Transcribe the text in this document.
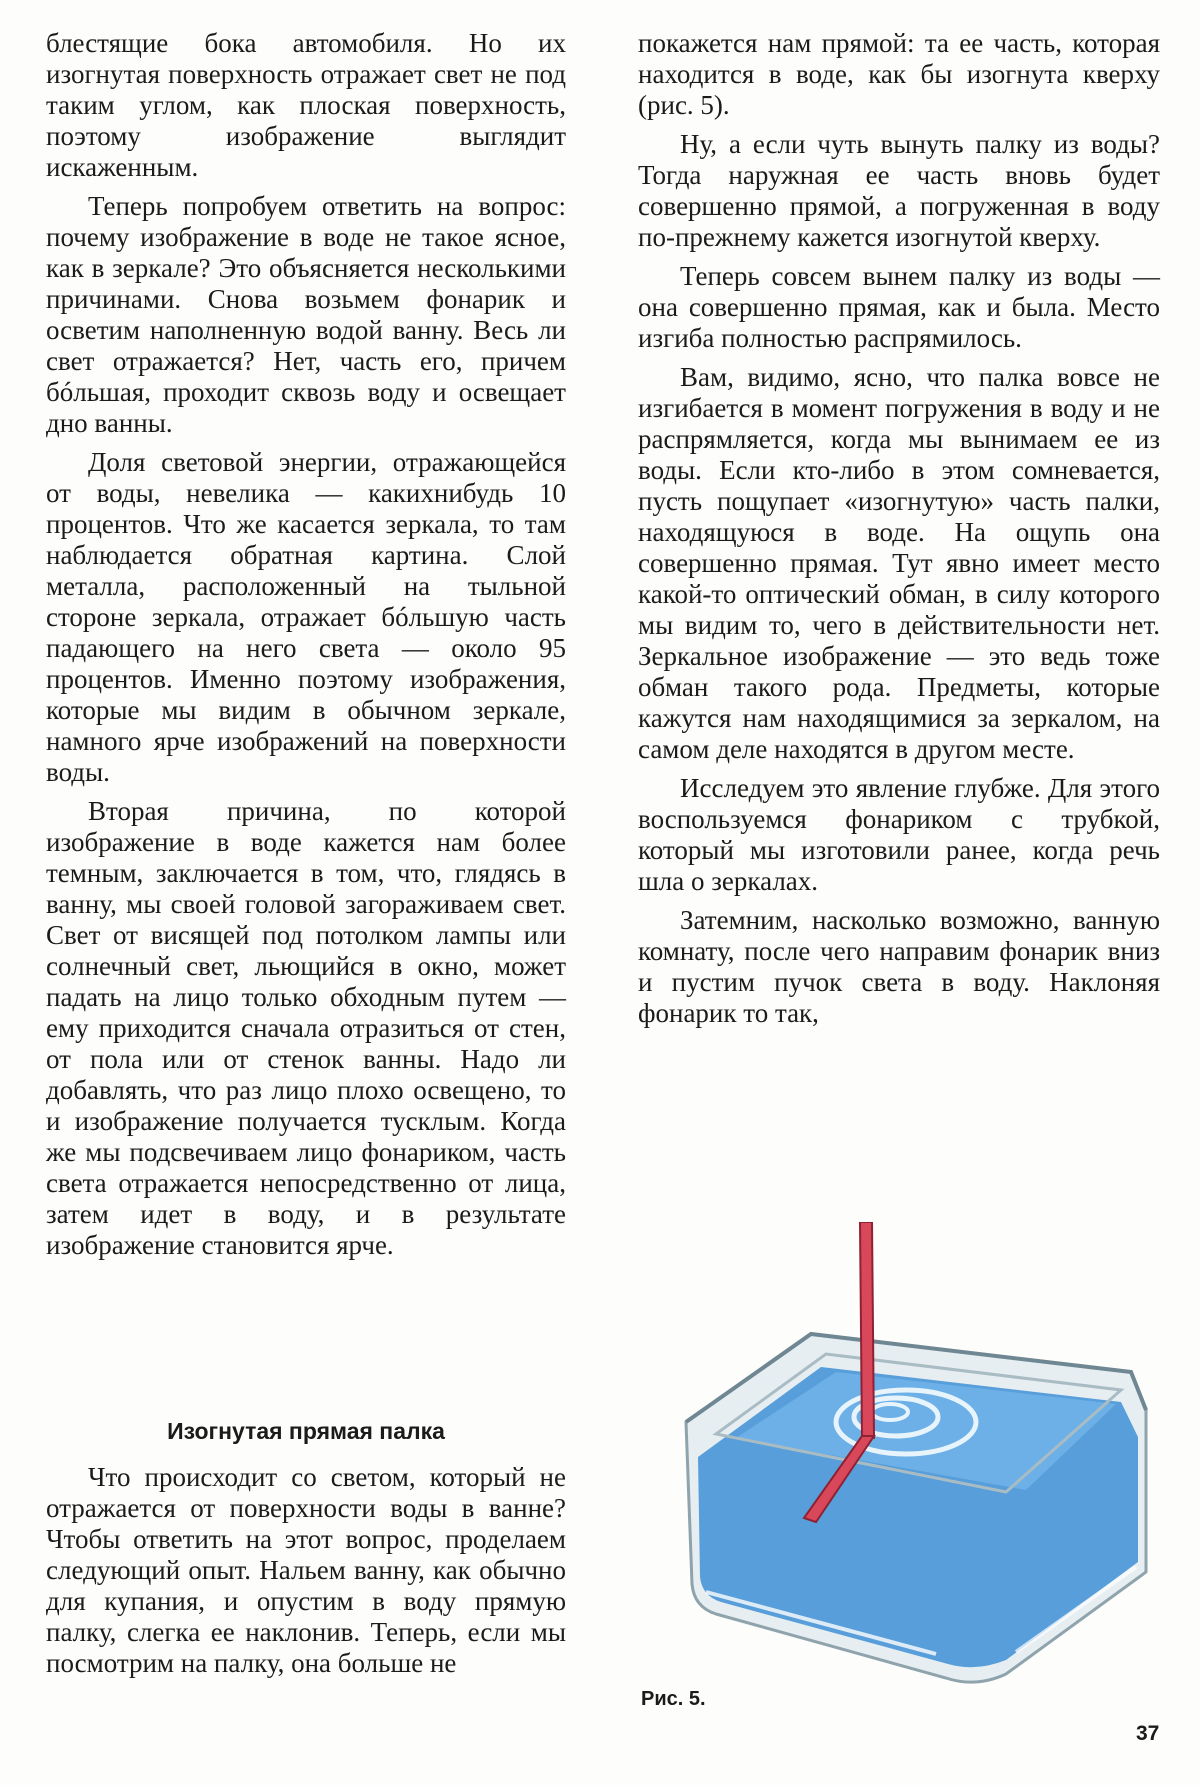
блестящие бока автомобиля. Но их изогнутая поверхность отражает свет не под таким углом, как плоская поверхность, поэтому изображение выглядит искаженным.

Теперь попробуем ответить на вопрос: почему изображение в воде не такое ясное, как в зеркале? Это объясняется несколькими причинами. Снова возьмем фонарик и осветим наполненную водой ванну. Весь ли свет отражается? Нет, часть его, причем бóльшая, проходит сквозь воду и освещает дно ванны.

Доля световой энергии, отражающейся от воды, невелика — какихнибудь 10 процентов. Что же касается зеркала, то там наблюдается обратная картина. Слой металла, расположенный на тыльной стороне зеркала, отражает бóльшую часть падающего на него света — около 95 процентов. Именно поэтому изображения, которые мы видим в обычном зеркале, намного ярче изображений на поверхности воды.

Вторая причина, по которой изображение в воде кажется нам более темным, заключается в том, что, глядясь в ванну, мы своей головой загораживаем свет. Свет от висящей под потолком лампы или солнечный свет, льющийся в окно, может падать на лицо только обходным путем — ему приходится сначала отразиться от стен, от пола или от стенок ванны. Надо ли добавлять, что раз лицо плохо освещено, то и изображение получается тусклым. Когда же мы подсвечиваем лицо фонариком, часть света отражается непосредственно от лица, затем идет в воду, и в результате изображение становится ярче.

Изогнутая прямая палка

Что происходит со светом, который не отражается от поверхности воды в ванне? Чтобы ответить на этот вопрос, проделаем следующий опыт. Нальем ванну, как обычно для купания, и опустим в воду прямую палку, слегка ее наклонив. Теперь, если мы посмотрим на палку, она больше не

покажется нам прямой: та ее часть, которая находится в воде, как бы изогнута кверху (рис. 5).

Ну, а если чуть вынуть палку из воды? Тогда наружная ее часть вновь будет совершенно прямой, а погруженная в воду по-прежнему кажется изогнутой кверху.

Теперь совсем вынем палку из воды — она совершенно прямая, как и была. Место изгиба полностью распрямилось.

Вам, видимо, ясно, что палка вовсе не изгибается в момент погружения в воду и не распрямляется, когда мы вынимаем ее из воды. Если кто-либо в этом сомневается, пусть пощупает «изогнутую» часть палки, находящуюся в воде. На ощупь она совершенно прямая. Тут явно имеет место какой-то оптический обман, в силу которого мы видим то, чего в действительности нет. Зеркальное изображение — это ведь тоже обман такого рода. Предметы, которые кажутся нам находящимися за зеркалом, на самом деле находятся в другом месте.

Исследуем это явление глубже. Для этого воспользуемся фонариком с трубкой, который мы изготовили ранее, когда речь шла о зеркалах.

Затемним, насколько возможно, ванную комнату, после чего направим фонарик вниз и пустим пучок света в воду. Наклоняя фонарик то так,

Рис. 5.
37
